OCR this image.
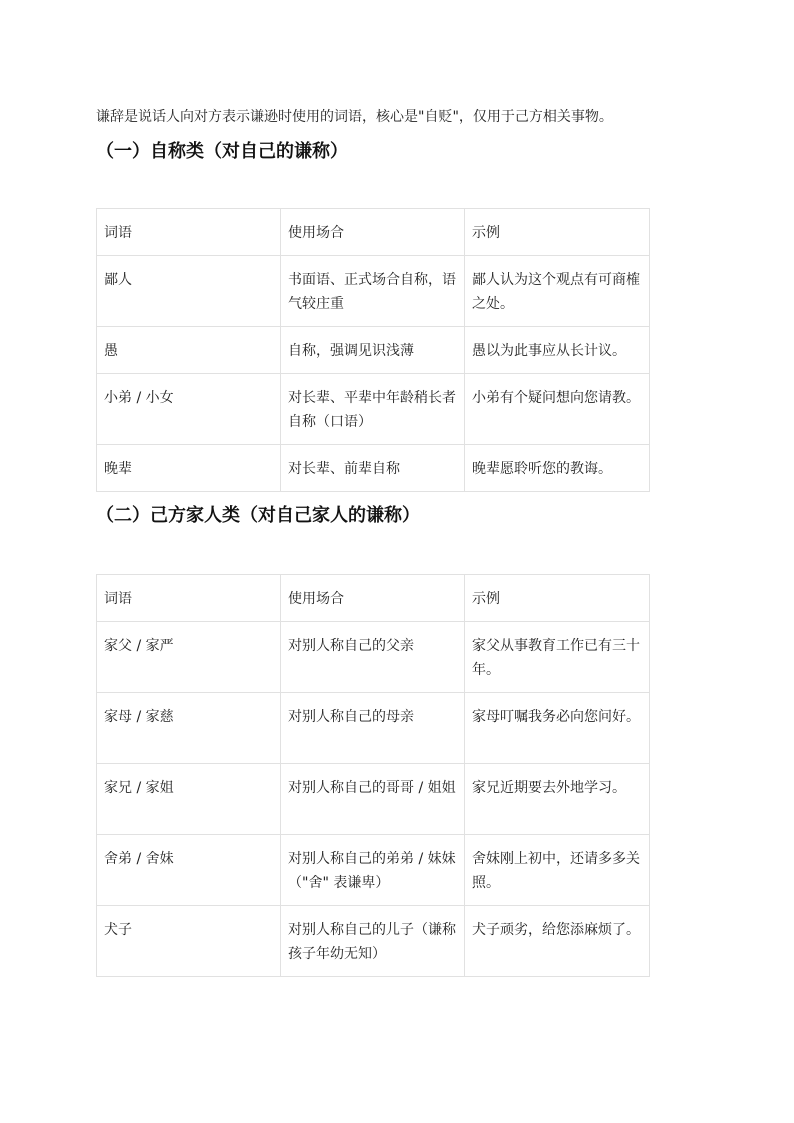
谦辞是说话人向对方表示谦逊时使用的词语，核心是"自贬"，仅用于己方相关事物。

（一）自称类（对自己的谦称）
词语	使用场合	示例
鄙人	书面语、正式场合自称，语气较庄重	鄙人认为这个观点有可商榷之处。
愚	自称，强调见识浅薄	愚以为此事应从长计议。
小弟 / 小女	对长辈、平辈中年龄稍长者自称（口语）	小弟有个疑问想向您请教。
晚辈	对长辈、前辈自称	晚辈愿聆听您的教诲。
（二）己方家人类（对自己家人的谦称）
词语	使用场合	示例
家父 / 家严	对别人称自己的父亲	家父从事教育工作已有三十年。
家母 / 家慈	对别人称自己的母亲	家母叮嘱我务必向您问好。
家兄 / 家姐	对别人称自己的哥哥 / 姐姐	家兄近期要去外地学习。
舍弟 / 舍妹	对别人称自己的弟弟 / 妹妹（"舍" 表谦卑）	舍妹刚上初中，还请多多关照。
犬子	对别人称自己的儿子（谦称孩子年幼无知）	犬子顽劣，给您添麻烦了。
